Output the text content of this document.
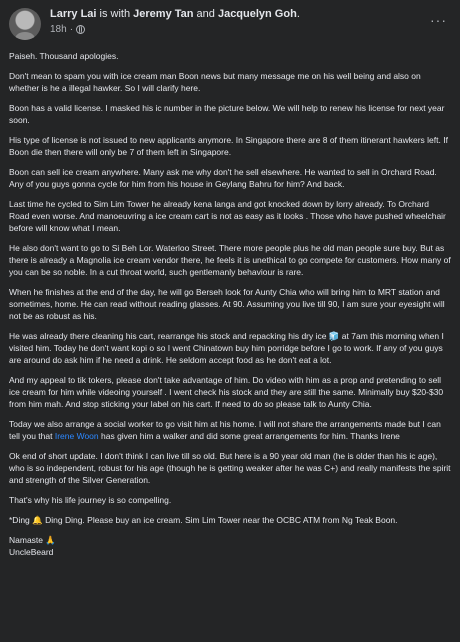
Larry Lai is with Jeremy Tan and Jacquelyn Goh.
18h ·
···

Paiseh. Thousand apologies.

Don't mean to spam you with ice cream man Boon news but many message me on his well being and also on whether is he a illegal hawker. So I will clarify here.

Boon has a valid license. I masked his ic number in the picture below. We will help to renew his license for next year soon.

His type of license is not issued to new applicants anymore. In Singapore there are 8 of them itinerant hawkers left. If Boon die then there will only be 7 of them left in Singapore.

Boon can sell ice cream anywhere. Many ask me why don't he sell elsewhere. He wanted to sell in Orchard Road. Any of you guys gonna cycle for him from his house in Geylang Bahru for him? And back.

Last time he cycled to Sim Lim Tower he already kena langa and got knocked down by lorry already. To Orchard Road even worse. And manoeuvring a ice cream cart is not as easy as it looks . Those who have pushed wheelchair before will know what I mean.

He also don't want to go to Si Beh Lor. Waterloo Street. There more people plus he old man people sure buy. But as there is already a Magnolia ice cream vendor there, he feels it is unethical to go compete for customers. How many of you can be so noble. In a cut throat world, such gentlemanly behaviour is rare.

When he finishes at the end of the day, he will go Berseh look for Aunty Chia who will bring him to MRT station and sometimes, home. He can read without reading glasses. At 90. Assuming you live till 90, I am sure your eyesight will not be as robust as his.

He was already there cleaning his cart, rearrange his stock and repacking his dry ice 🧊 at 7am this morning when I visited him. Today he don't want kopi o so I went Chinatown buy him porridge before I go to work. If any of you guys are around do ask him if he need a drink. He seldom accept food as he don't eat a lot.

And my appeal to tik tokers, please don't take advantage of him. Do video with him as a prop and pretending to sell ice cream for him while videoing yourself . I went check his stock and they are still the same. Minimally buy $20-$30 from him mah. And stop sticking your label on his cart. If need to do so please talk to Aunty Chia.

Today we also arrange a social worker to go visit him at his home. I will not share the arrangements made but I can tell you that Irene Woon has given him a walker and did some great arrangements for him. Thanks Irene

Ok end of short update. I don't think I can live till so old. But here is a 90 year old man (he is older than his ic age), who is so independent, robust for his age (though he is getting weaker after he was C+) and really manifests the spirit and strength of the Silver Generation.

That's why his life journey is so compelling.

*Ding 🔔 Ding Ding. Please buy an ice cream. Sim Lim Tower near the OCBC ATM from Ng Teak Boon.

Namaste 🙏
UncleBeard
